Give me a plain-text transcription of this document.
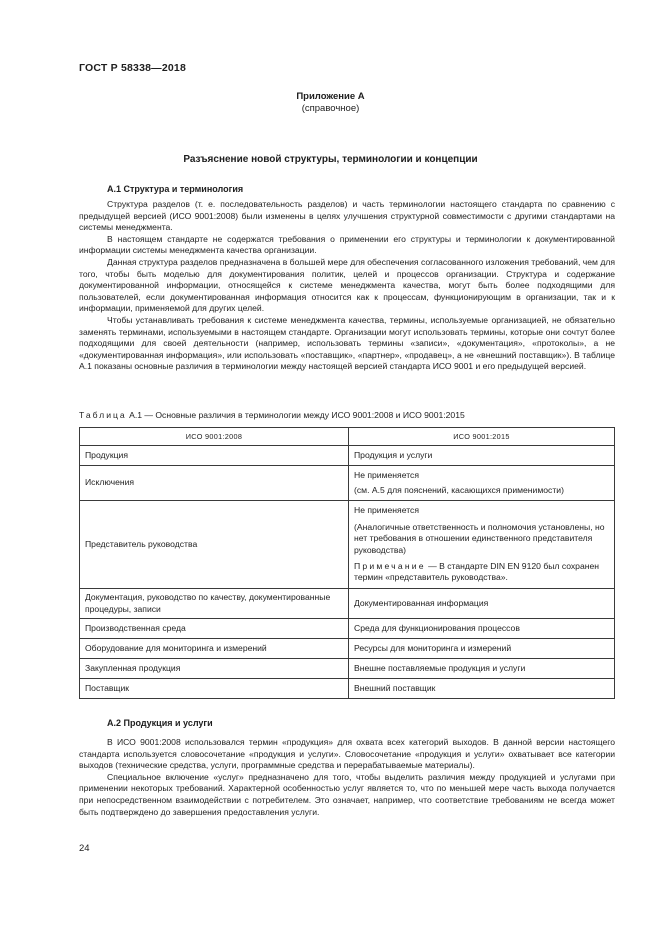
ГОСТ Р 58338—2018
Приложение А
(справочное)
Разъяснение новой структуры, терминологии и концепции
А.1 Структура и терминология

Структура разделов (т. е. последовательность разделов) и часть терминологии настоящего стандарта по сравнению с предыдущей версией (ИСО 9001:2008) были изменены в целях улучшения структурной совместимости с другими стандартами на системы менеджмента.

В настоящем стандарте не содержатся требования о применении его структуры и терминологии к документированной информации системы менеджмента качества организации.

Данная структура разделов предназначена в большей мере для обеспечения согласованного изложения требований, чем для того, чтобы быть моделью для документирования политик, целей и процессов организации. Структура и содержание документированной информации, относящейся к системе менеджмента качества, могут быть более подходящими для пользователей, если документированная информация относится как к процессам, функционирующим в организации, так и к информации, применяемой для других целей.

Чтобы устанавливать требования к системе менеджмента качества, термины, используемые организацией, не обязательно заменять терминами, используемыми в настоящем стандарте. Организации могут использовать термины, которые они сочтут более подходящими для своей деятельности (например, использовать термины «записи», «документация», «протоколы», а не «документированная информация», или использовать «поставщик», «партнер», «продавец», а не «внешний поставщик»). В таблице А.1 показаны основные различия в терминологии между настоящей версией стандарта ИСО 9001 и его предыдущей версией.

Таблица А.1 — Основные различия в терминологии между ИСО 9001:2008 и ИСО 9001:2015
ИСО 9001:2008	ИСО 9001:2015
Продукция	Продукция и услуги

Исключения	Не применяется

(см. А.5 для пояснений, касающихся применимости)

Представитель руководства	Не применяется

(Аналогичные ответственность и полномочия установлены, но нет требования в отношении единственного представителя руководства)

Примечание — В стандарте DIN EN 9120 был сохранен термин «представитель руководства».

Документация, руководство по качеству, документированные процедуры, записи	Документированная информация

Производственная среда	Среда для функционирования процессов

Оборудование для мониторинга и измерений	Ресурсы для мониторинга и измерений

Закупленная продукция	Внешне поставляемые продукция и услуги

Поставщик	Внешний поставщик

А.2 Продукция и услуги

В ИСО 9001:2008 использовался термин «продукция» для охвата всех категорий выходов. В данной версии настоящего стандарта используется словосочетание «продукция и услуги». Словосочетание «продукция и услуги» охватывает все категории выходов (технические средства, услуги, программные средства и перерабатываемые материалы).

Специальное включение «услуг» предназначено для того, чтобы выделить различия между продукцией и услугами при применении некоторых требований. Характерной особенностью услуг является то, что по меньшей мере часть выхода получается при непосредственном взаимодействии с потребителем. Это означает, например, что соответствие требованиям не всегда может быть подтверждено до завершения предоставления услуги.

24
